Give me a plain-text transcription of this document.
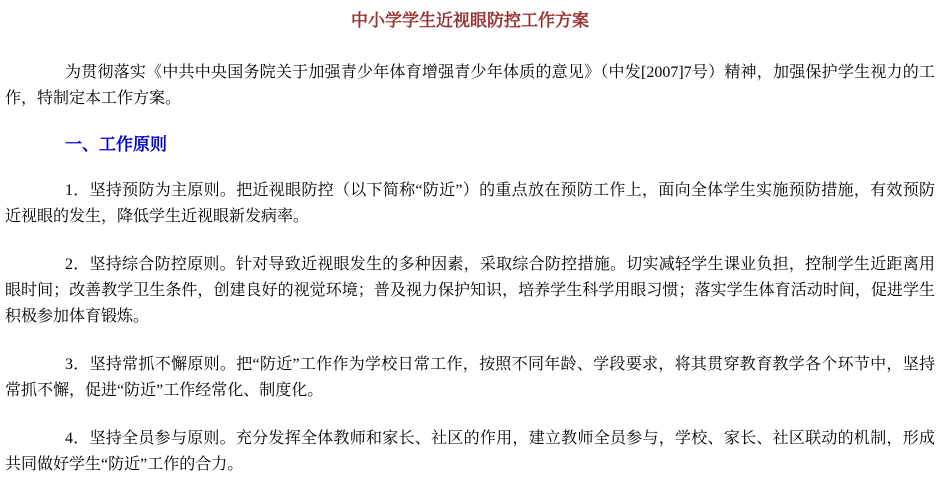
中小学学生近视眼防控工作方案

为贯彻落实《中共中央国务院关于加强青少年体育增强青少年体质的意见》（中发[2007]7号）精神，加强保护学生视力的工作，特制定本工作方案。

一、工作原则

1．坚持预防为主原则。把近视眼防控（以下简称“防近”）的重点放在预防工作上，面向全体学生实施预防措施，有效预防近视眼的发生，降低学生近视眼新发病率。

2．坚持综合防控原则。针对导致近视眼发生的多种因素，采取综合防控措施。切实减轻学生课业负担，控制学生近距离用眼时间；改善教学卫生条件，创建良好的视觉环境；普及视力保护知识，培养学生科学用眼习惯；落实学生体育活动时间，促进学生积极参加体育锻炼。

3．坚持常抓不懈原则。把“防近”工作作为学校日常工作，按照不同年龄、学段要求，将其贯穿教育教学各个环节中，坚持常抓不懈，促进“防近”工作经常化、制度化。

4．坚持全员参与原则。充分发挥全体教师和家长、社区的作用，建立教师全员参与，学校、家长、社区联动的机制，形成共同做好学生“防近”工作的合力。
